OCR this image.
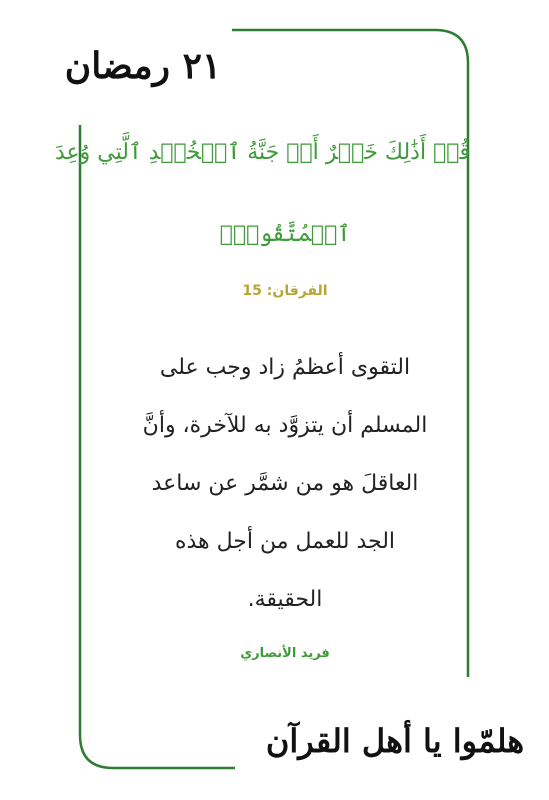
٢١ رمضان
قُلۡ أَذَٰلِكَ خَيۡرٌ أَمۡ جَنَّةُ ٱلۡخُلۡدِ ٱلَّتِي وُعِدَ
ٱلۡمُتَّقُونَۚ
الفرقان: 15
التقوى أعظمُ زاد وجب على
المسلم أن يتزوَّد به للآخرة، وأنَّ
العاقلَ هو من شمَّر عن ساعد
الجد للعمل من أجل هذه
الحقيقة.
فريد الأنصاري
هلمّوا يا أهل القرآن
